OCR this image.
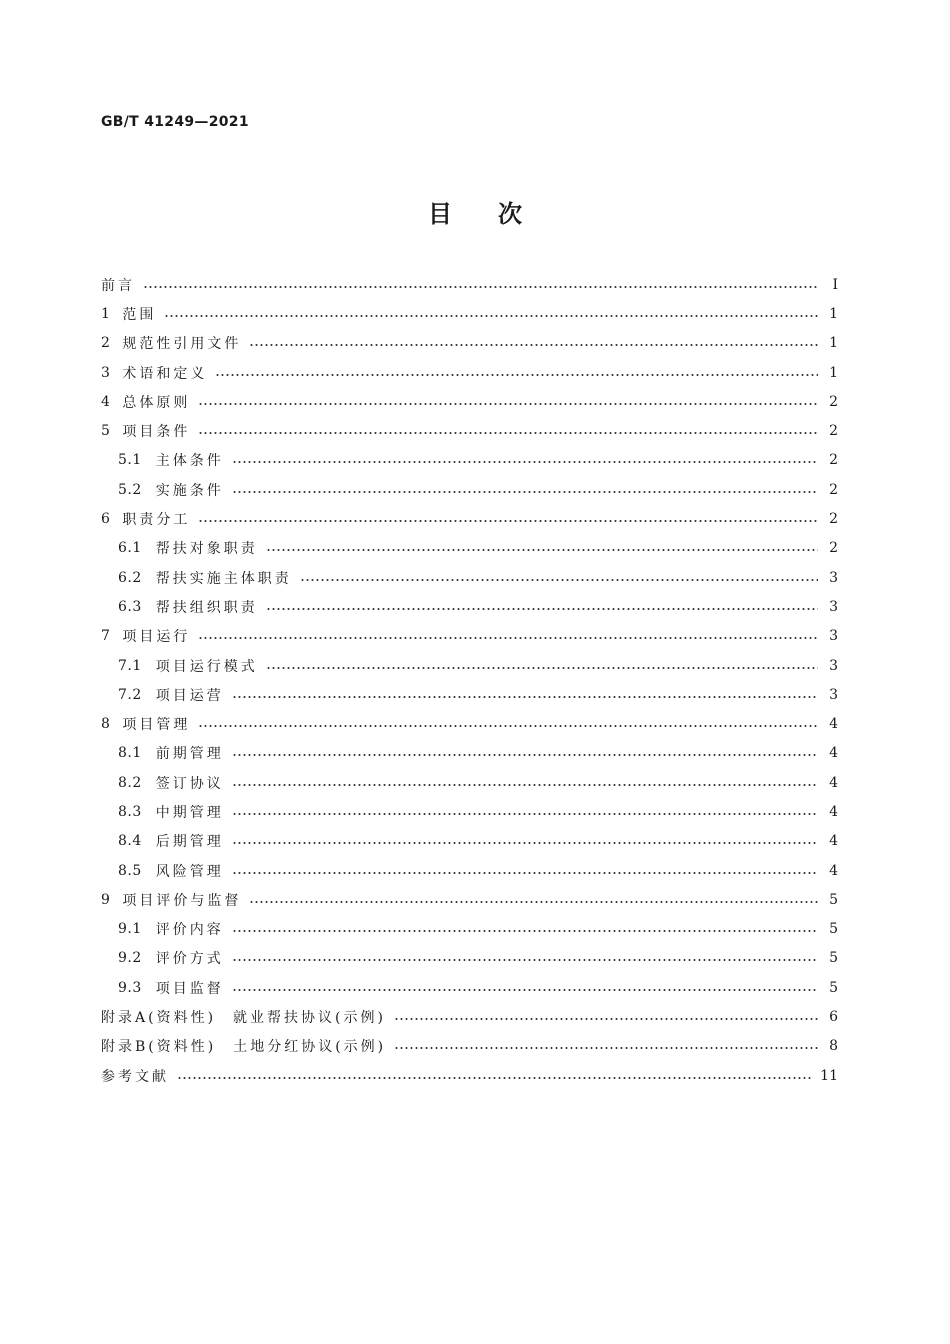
GB/T 41249—2021
目次
前言	Ⅰ
1 范围	1
2 规范性引用文件	1
3 术语和定义	1
4 总体原则	2
5 项目条件	2
5.1 主体条件	2
5.2 实施条件	2
6 职责分工	2
6.1 帮扶对象职责	2
6.2 帮扶实施主体职责	3
6.3 帮扶组织职责	3
7 项目运行	3
7.1 项目运行模式	3
7.2 项目运营	3
8 项目管理	4
8.1 前期管理	4
8.2 签订协议	4
8.3 中期管理	4
8.4 后期管理	4
8.5 风险管理	4
9 项目评价与监督	5
9.1 评价内容	5
9.2 评价方式	5
9.3 项目监督	5
附录A(资料性)　就业帮扶协议(示例)	6
附录B(资料性)　土地分红协议(示例)	8
参考文献	11
